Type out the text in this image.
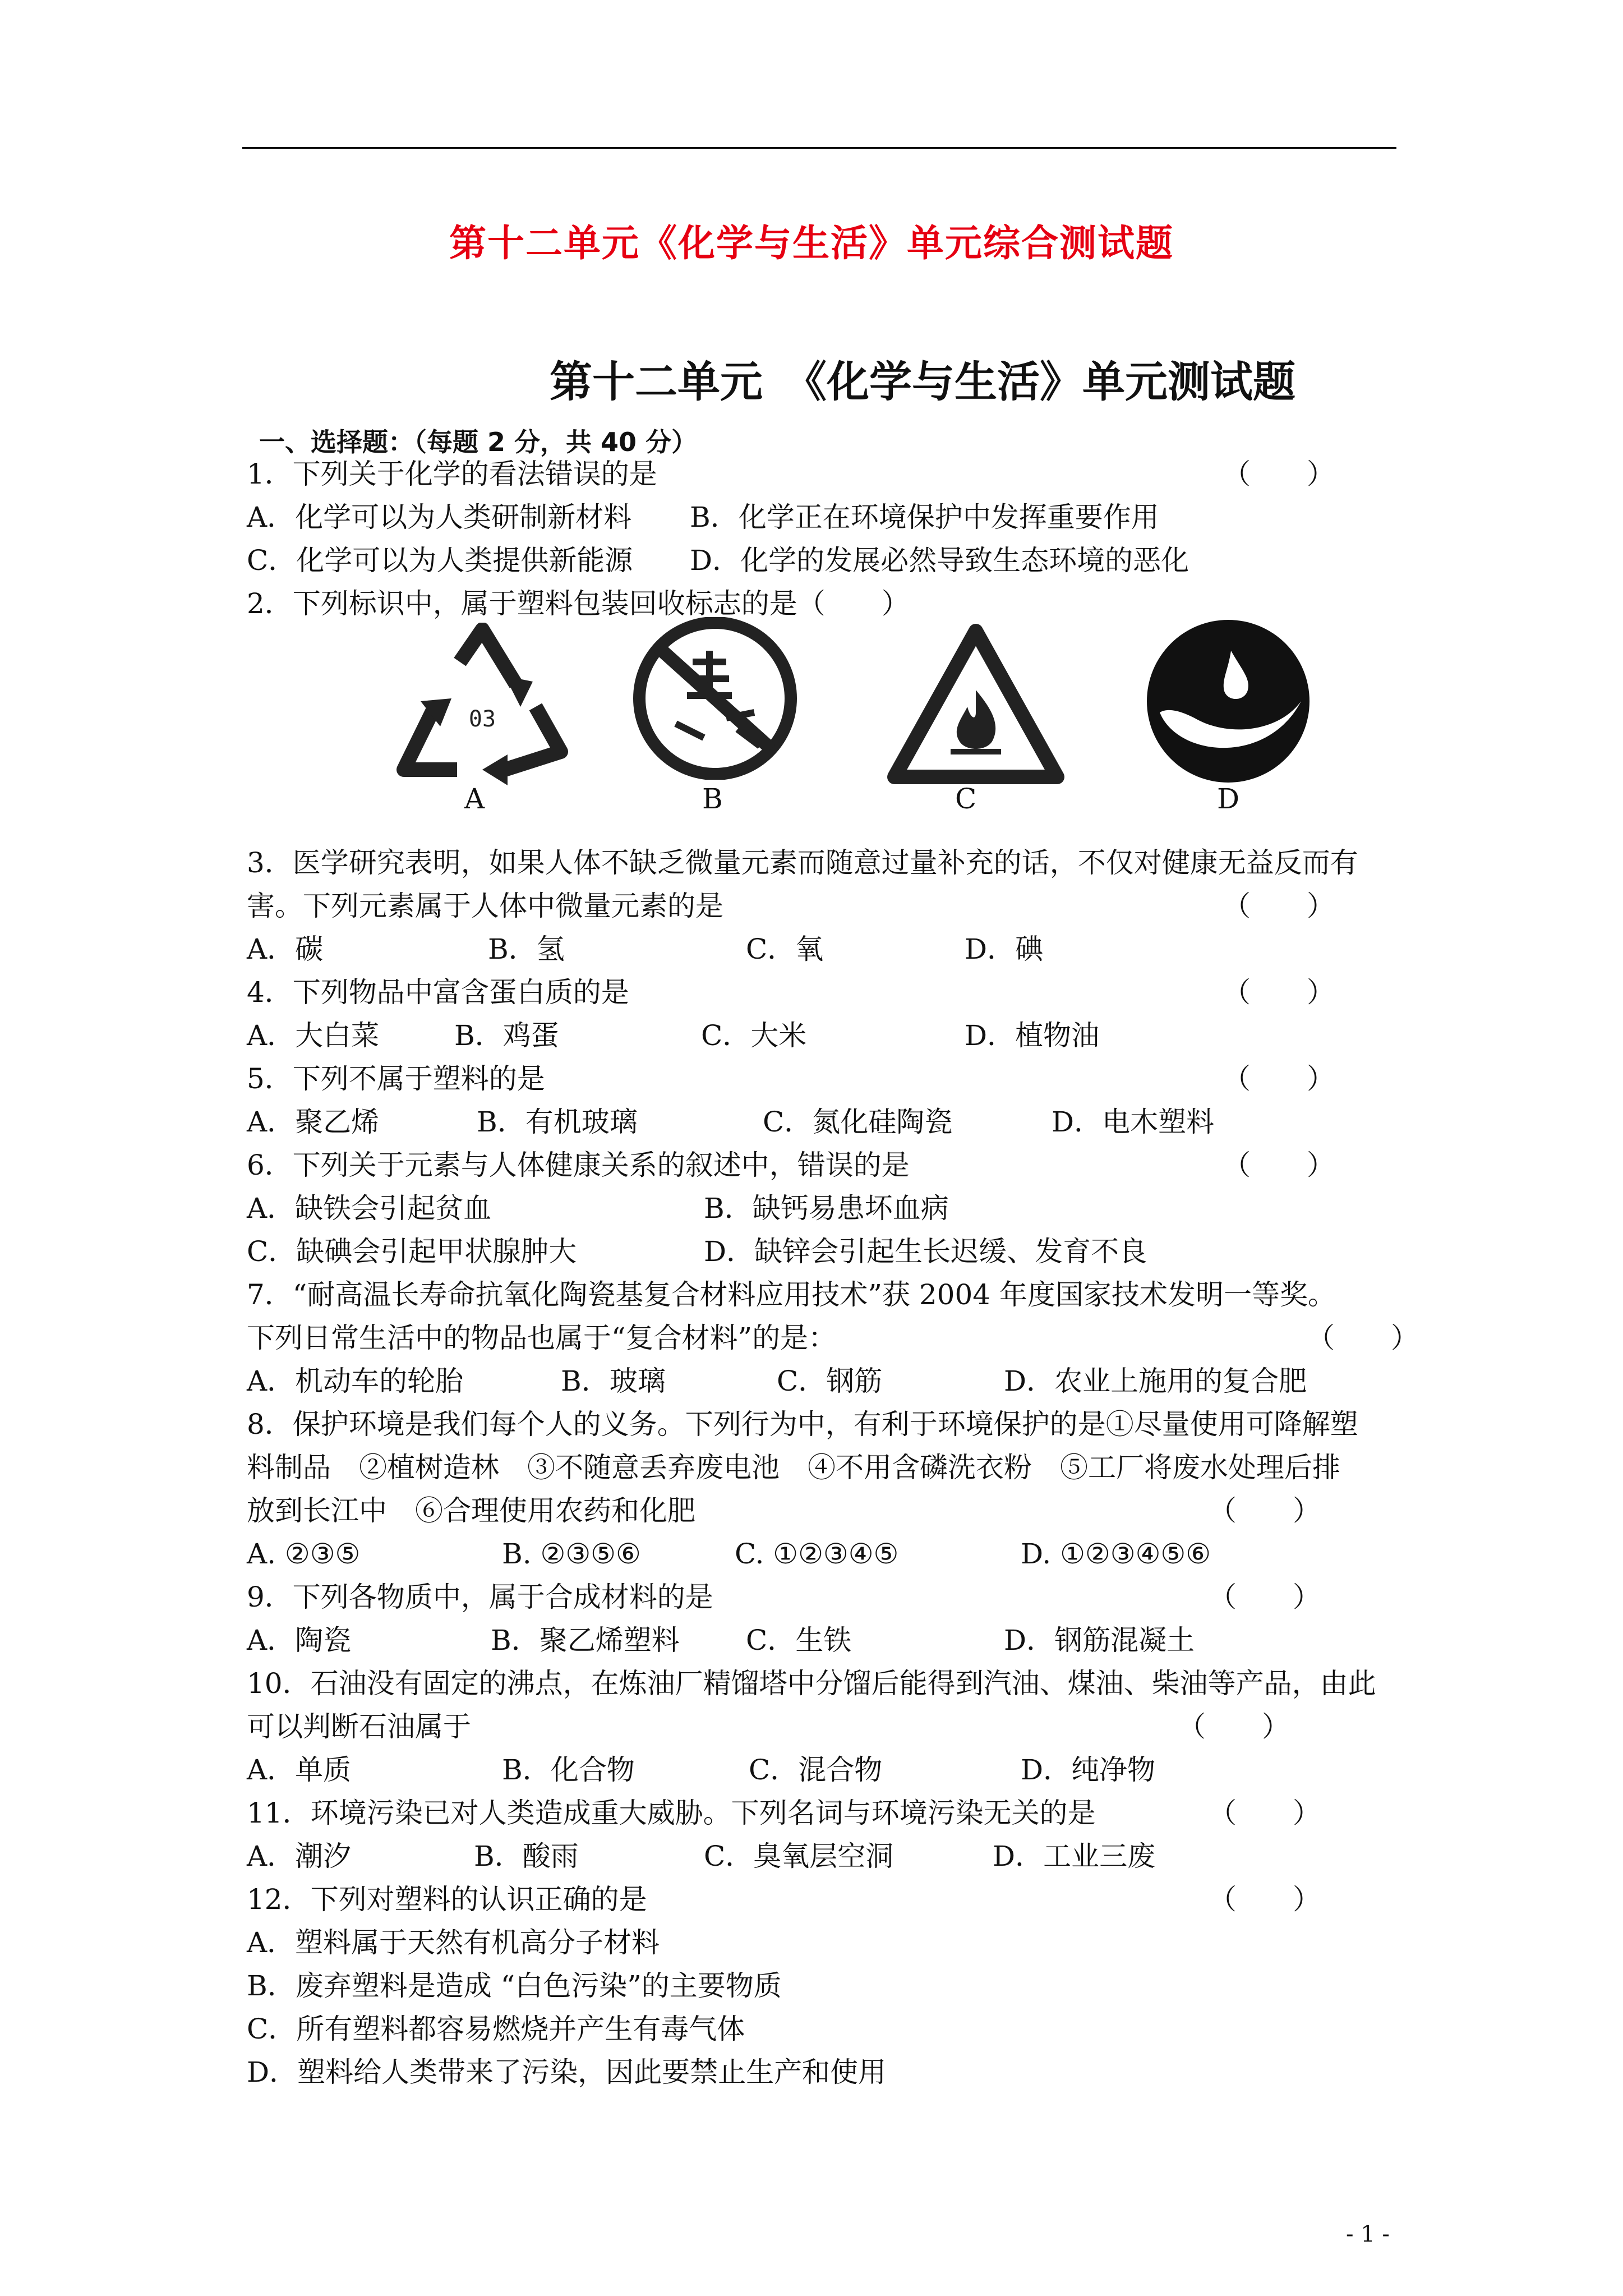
第十二单元《化学与生活》单元综合测试题
第十二单元　《化学与生活》单元测试题
一、选择题：（每题 2 分，共 40 分）
1．下列关于化学的看法错误的是	（　　）
A．化学可以为人类研制新材料 B．化学正在环境保护中发挥重要作用
C．化学可以为人类提供新能源 D．化学的发展必然导致生态环境的恶化
2．下列标识中，属于塑料包装回收标志的是（　　）
03
A	B	C	D
3．医学研究表明，如果人体不缺乏微量元素而随意过量补充的话，不仅对健康无益反而有
害。下列元素属于人体中微量元素的是	（　　）
A．碳	B．氢	C．氧	D．碘
4．下列物品中富含蛋白质的是	（　　）
A．大白菜	B．鸡蛋	C．大米	D．植物油
5．下列不属于塑料的是	（　　）
A．聚乙烯	B．有机玻璃	C．氮化硅陶瓷	D．电木塑料
6．下列关于元素与人体健康关系的叙述中，错误的是	（　　）
A．缺铁会引起贫血	B．缺钙易患坏血病
C．缺碘会引起甲状腺肿大	D．缺锌会引起生长迟缓、发育不良
7．“耐高温长寿命抗氧化陶瓷基复合材料应用技术”获 2004 年度国家技术发明一等奖。
下列日常生活中的物品也属于“复合材料”的是：	（　　）
A．机动车的轮胎	B．玻璃	C．钢筋	D．农业上施用的复合肥
8．保护环境是我们每个人的义务。下列行为中，有利于环境保护的是①尽量使用可降解塑
料制品　②植树造林　③不随意丢弃废电池　④不用含磷洗衣粉　⑤工厂将废水处理后排
放到长江中　⑥合理使用农药和化肥	（　　）
A. ②③⑤	B. ②③⑤⑥	C. ①②③④⑤	D. ①②③④⑤⑥
9．下列各物质中，属于合成材料的是	（　　）
A．陶瓷	B．聚乙烯塑料 C．生铁	D．钢筋混凝土
10．石油没有固定的沸点，在炼油厂精馏塔中分馏后能得到汽油、煤油、柴油等产品，由此
可以判断石油属于	（　　）
A．单质	B．化合物	C．混合物	D．纯净物
11．环境污染已对人类造成重大威胁。下列名词与环境污染无关的是	（　　）
A．潮汐	B．酸雨	C．臭氧层空洞	D．工业三废
12．下列对塑料的认识正确的是	（　　）
A．塑料属于天然有机高分子材料
B．废弃塑料是造成 “白色污染”的主要物质
C．所有塑料都容易燃烧并产生有毒气体
D．塑料给人类带来了污染，因此要禁止生产和使用
- 1 -
